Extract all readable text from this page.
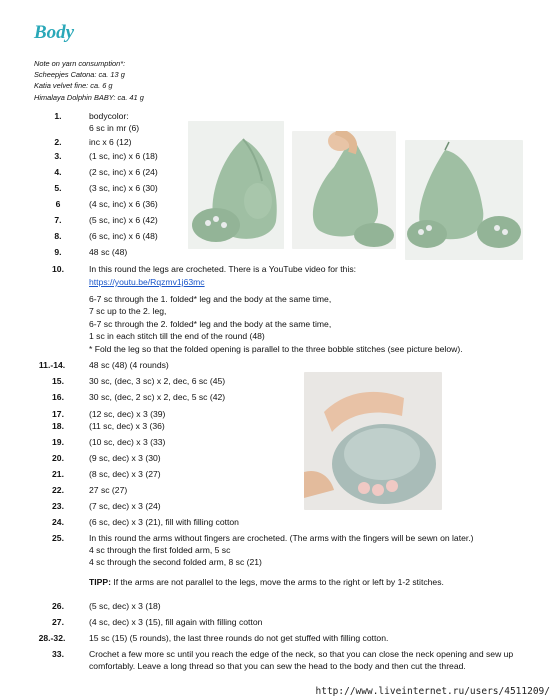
Body
Note on yarn consumption*:
Scheepjes Catona: ca. 13 g
Katia velvet fine: ca. 6 g
Himalaya Dolphin BABY: ca. 41 g
1.	bodycolor:
6 sc in mr (6)
2.	inc x 6 (12)
3.	(1 sc, inc) x 6 (18)
4.	(2 sc, inc) x 6 (24)
5.	(3 sc, inc) x 6 (30)
6	(4 sc, inc) x 6 (36)
7.	(5 sc, inc) x 6 (42)
8.	(6 sc, inc) x 6 (48)
9.	48 sc (48)
10.	In this round the legs are crocheted. There is a YouTube video for this:
https://youtu.be/Rqzmv1j63mc
6-7 sc through the 1. folded* leg and the body at the same time,
7 sc up to the 2. leg,
6-7 sc through the 2. folded* leg and the body at the same time,
1 sc in each stitch till the end of the round (48)
* Fold the leg so that the folded opening is parallel to the three bobble stitches (see picture below).
11.-14.	48 sc (48) (4 rounds)
15.	30 sc, (dec, 3 sc) x 2, dec, 6 sc (45)
16.	30 sc, (dec, 2 sc) x 2, dec, 5 sc (42)
17.	(12 sc, dec) x 3 (39)
18.	(11 sc, dec) x 3 (36)
19.	(10 sc, dec) x 3 (33)
20.	(9 sc, dec) x 3 (30)
21.	(8 sc, dec) x 3 (27)
22.	27 sc (27)
23.	(7 sc, dec) x 3 (24)
24.	(6 sc, dec) x 3 (21), fill with filling cotton
25.	In this round the arms without fingers are crocheted. (The arms with the fingers will be sewn on later.)
4 sc through the first folded arm, 5 sc
4 sc through the second folded arm, 8 sc (21)
TIPP: If the arms are not parallel to the legs, move the arms to the right or left by 1-2 stitches.
26.	(5 sc, dec) x 3 (18)
27.	(4 sc, dec) x 3 (15), fill again with filling cotton
28.-32.	15 sc (15) (5 rounds), the last three rounds do not get stuffed with filling cotton.
33.	Crochet a few more sc until you reach the edge of the neck, so that you can close the neck opening and sew up comfortably. Leave a long thread so that you can sew the head to the body and then cut the thread.
http://www.liveinternet.ru/users/4511209/
